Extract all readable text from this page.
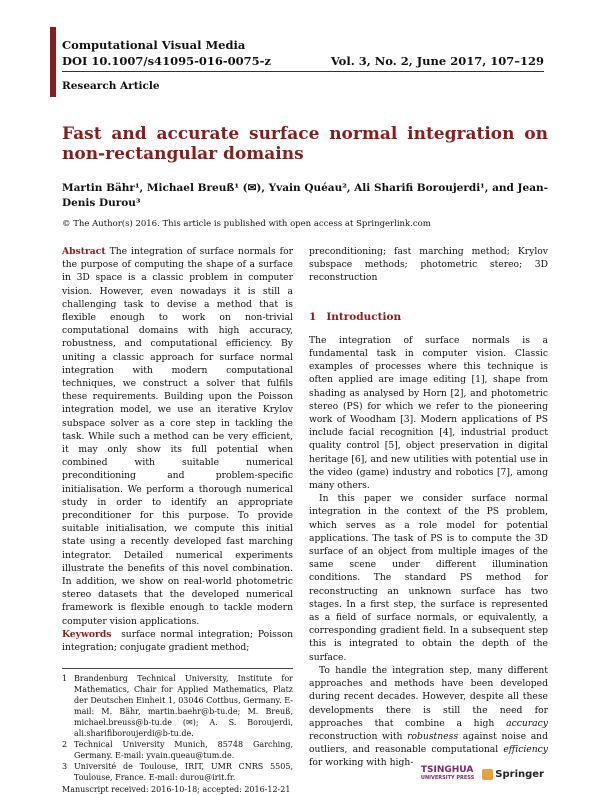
Computational Visual Media
DOI 10.1007/s41095-016-0075-z	Vol. 3, No. 2, June 2017, 107–129
Research Article
Fast and accurate surface normal integration on
non-rectangular domains
Martin Bähr¹, Michael Breuß¹ (✉), Yvain Quéau², Ali Sharifi Boroujerdi¹, and Jean-Denis Durou³
© The Author(s) 2016. This article is published with open access at Springerlink.com

Abstract The integration of surface normals for the purpose of computing the shape of a surface in 3D space is a classic problem in computer vision. However, even nowadays it is still a challenging task to devise a method that is flexible enough to work on non-trivial computational domains with high accuracy, robustness, and computational efficiency. By uniting a classic approach for surface normal integration with modern computational techniques, we construct a solver that fulfils these requirements. Building upon the Poisson integration model, we use an iterative Krylov subspace solver as a core step in tackling the task. While such a method can be very efficient, it may only show its full potential when combined with suitable numerical preconditioning and problem-specific initialisation. We perform a thorough numerical study in order to identify an appropriate preconditioner for this purpose. To provide suitable initialisation, we compute this initial state using a recently developed fast marching integrator. Detailed numerical experiments illustrate the benefits of this novel combination. In addition, we show on real-world photometric stereo datasets that the developed numerical framework is flexible enough to tackle modern computer vision applications.

Keywords surface normal integration; Poisson integration; conjugate gradient method;

1 Brandenburg Technical University, Institute for Mathematics, Chair for Applied Mathematics, Platz der Deutschen Einheit 1, 03046 Cottbus, Germany. E-mail: M. Bähr, martin.baehr@b-tu.de; M. Breuß, michael.breuss@b-tu.de (✉); A. S. Boroujerdi, ali.sharifiboroujerdi@b-tu.de.
2 Technical University Munich, 85748 Garching, Germany. E-mail: yvain.queau@tum.de.
3 Université de Toulouse, IRIT, UMR CNRS 5505, Toulouse, France. E-mail: durou@irit.fr.
Manuscript received: 2016-10-18; accepted: 2016-12-21

preconditioning; fast marching method; Krylov subspace methods; photometric stereo; 3D reconstruction

1 Introduction

The integration of surface normals is a fundamental task in computer vision. Classic examples of processes where this technique is often applied are image editing [1], shape from shading as analysed by Horn [2], and photometric stereo (PS) for which we refer to the pioneering work of Woodham [3]. Modern applications of PS include facial recognition [4], industrial product quality control [5], object preservation in digital heritage [6], and new utilities with potential use in the video (game) industry and robotics [7], among many others.

In this paper we consider surface normal integration in the context of the PS problem, which serves as a role model for potential applications. The task of PS is to compute the 3D surface of an object from multiple images of the same scene under different illumination conditions. The standard PS method for reconstructing an unknown surface has two stages. In a first step, the surface is represented as a field of surface normals, or equivalently, a corresponding gradient field. In a subsequent step this is integrated to obtain the depth of the surface.

To handle the integration step, many different approaches and methods have been developed during recent decades. However, despite all these developments there is still the need for approaches that combine a high accuracy reconstruction with robustness against noise and outliers, and reasonable computational efficiency for working with high-

TSINGHUA
UNIVERSITY PRESS Springer
